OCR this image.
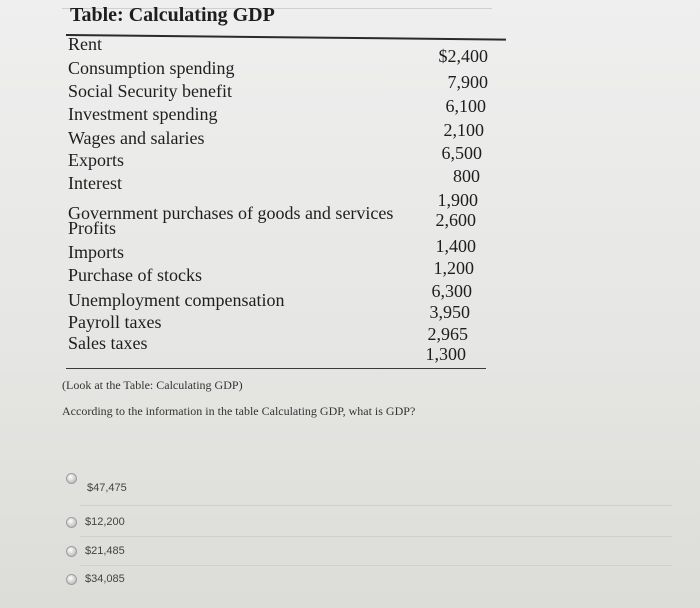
Table: Calculating GDP
Rent
Consumption spending
Social Security benefit
Investment spending
Wages and salaries
Exports
Interest
Government purchases of goods and services
Profits
Imports
Purchase of stocks
Unemployment compensation
Payroll taxes
Sales taxes
$2,400
7,900
6,100
2,100
6,500
800
1,900
2,600
1,400
1,200
6,300
3,950
2,965
1,300
(Look at the Table: Calculating GDP)
According to the information in the table Calculating GDP, what is GDP?
$47,475
$12,200
$21,485
$34,085
